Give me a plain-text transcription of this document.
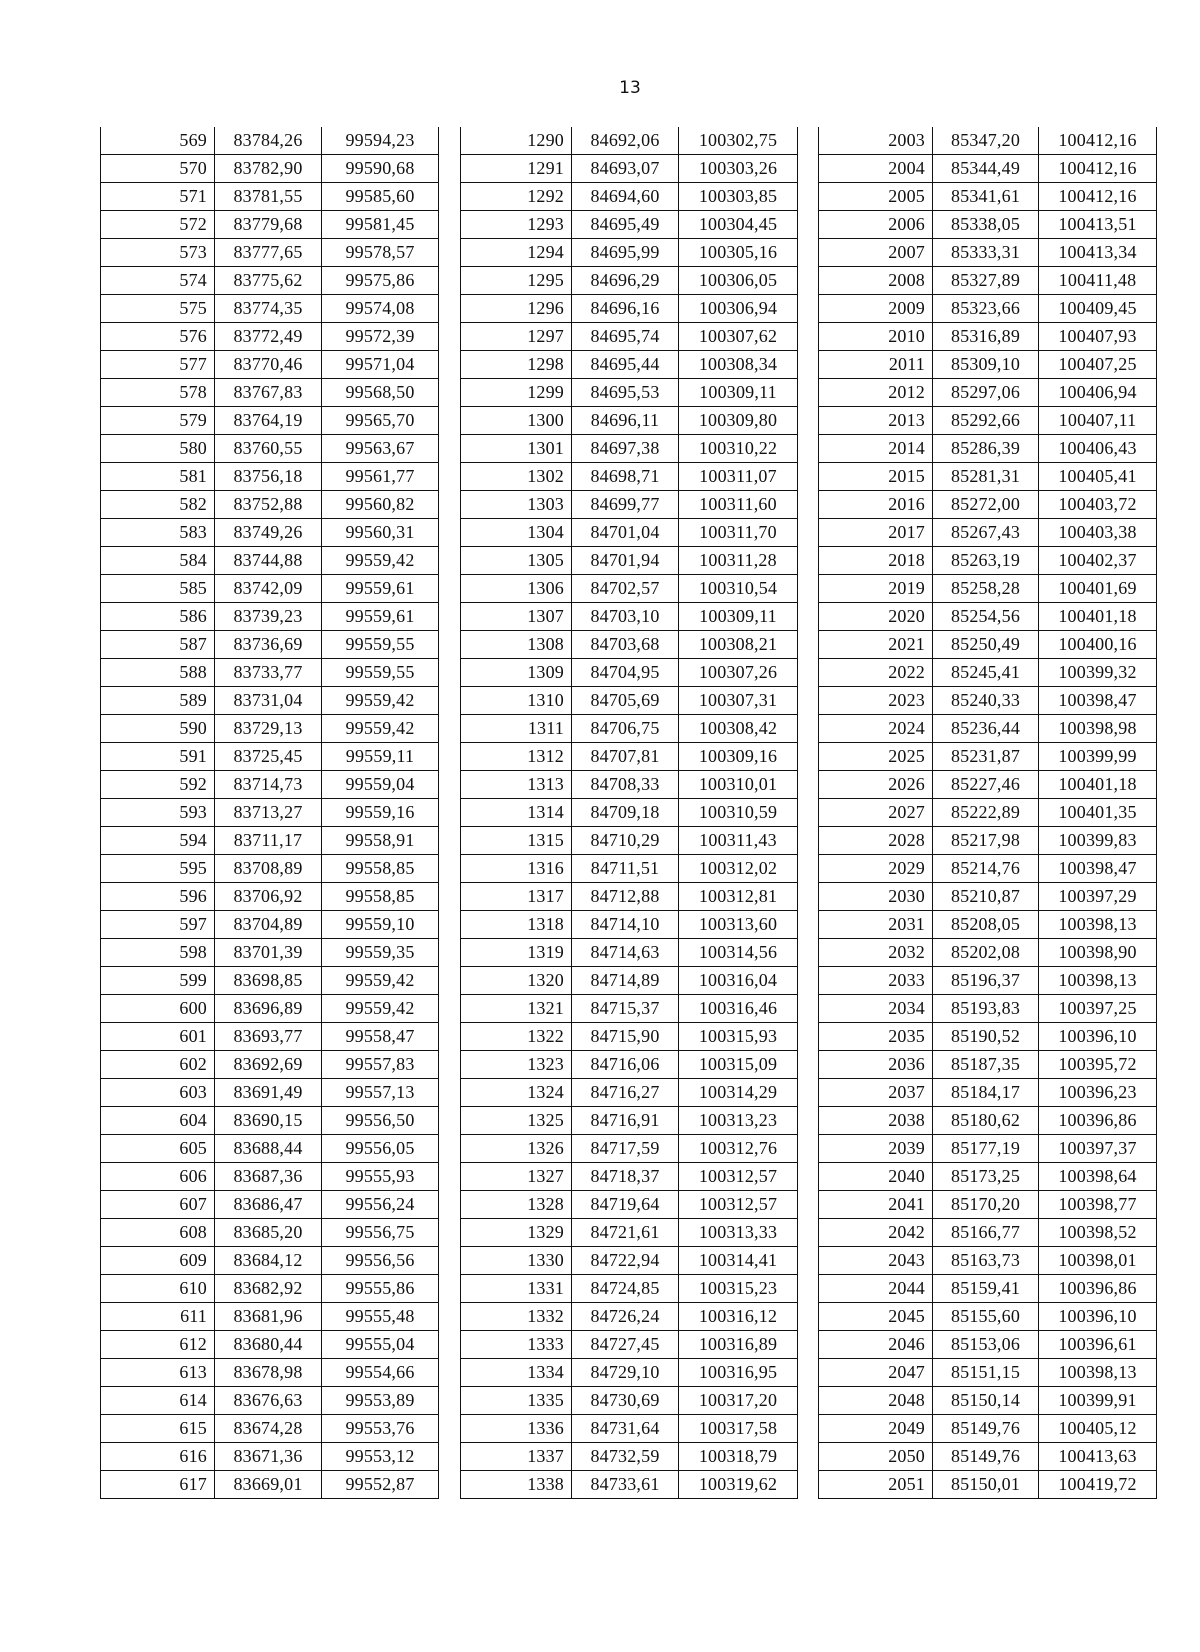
13
569	83784,26	99594,23
570	83782,90	99590,68
571	83781,55	99585,60
572	83779,68	99581,45
573	83777,65	99578,57
574	83775,62	99575,86
575	83774,35	99574,08
576	83772,49	99572,39
577	83770,46	99571,04
578	83767,83	99568,50
579	83764,19	99565,70
580	83760,55	99563,67
581	83756,18	99561,77
582	83752,88	99560,82
583	83749,26	99560,31
584	83744,88	99559,42
585	83742,09	99559,61
586	83739,23	99559,61
587	83736,69	99559,55
588	83733,77	99559,55
589	83731,04	99559,42
590	83729,13	99559,42
591	83725,45	99559,11
592	83714,73	99559,04
593	83713,27	99559,16
594	83711,17	99558,91
595	83708,89	99558,85
596	83706,92	99558,85
597	83704,89	99559,10
598	83701,39	99559,35
599	83698,85	99559,42
600	83696,89	99559,42
601	83693,77	99558,47
602	83692,69	99557,83
603	83691,49	99557,13
604	83690,15	99556,50
605	83688,44	99556,05
606	83687,36	99555,93
607	83686,47	99556,24
608	83685,20	99556,75
609	83684,12	99556,56
610	83682,92	99555,86
611	83681,96	99555,48
612	83680,44	99555,04
613	83678,98	99554,66
614	83676,63	99553,89
615	83674,28	99553,76
616	83671,36	99553,12
617	83669,01	99552,87
1290	84692,06	100302,75
1291	84693,07	100303,26
1292	84694,60	100303,85
1293	84695,49	100304,45
1294	84695,99	100305,16
1295	84696,29	100306,05
1296	84696,16	100306,94
1297	84695,74	100307,62
1298	84695,44	100308,34
1299	84695,53	100309,11
1300	84696,11	100309,80
1301	84697,38	100310,22
1302	84698,71	100311,07
1303	84699,77	100311,60
1304	84701,04	100311,70
1305	84701,94	100311,28
1306	84702,57	100310,54
1307	84703,10	100309,11
1308	84703,68	100308,21
1309	84704,95	100307,26
1310	84705,69	100307,31
1311	84706,75	100308,42
1312	84707,81	100309,16
1313	84708,33	100310,01
1314	84709,18	100310,59
1315	84710,29	100311,43
1316	84711,51	100312,02
1317	84712,88	100312,81
1318	84714,10	100313,60
1319	84714,63	100314,56
1320	84714,89	100316,04
1321	84715,37	100316,46
1322	84715,90	100315,93
1323	84716,06	100315,09
1324	84716,27	100314,29
1325	84716,91	100313,23
1326	84717,59	100312,76
1327	84718,37	100312,57
1328	84719,64	100312,57
1329	84721,61	100313,33
1330	84722,94	100314,41
1331	84724,85	100315,23
1332	84726,24	100316,12
1333	84727,45	100316,89
1334	84729,10	100316,95
1335	84730,69	100317,20
1336	84731,64	100317,58
1337	84732,59	100318,79
1338	84733,61	100319,62
2003	85347,20	100412,16
2004	85344,49	100412,16
2005	85341,61	100412,16
2006	85338,05	100413,51
2007	85333,31	100413,34
2008	85327,89	100411,48
2009	85323,66	100409,45
2010	85316,89	100407,93
2011	85309,10	100407,25
2012	85297,06	100406,94
2013	85292,66	100407,11
2014	85286,39	100406,43
2015	85281,31	100405,41
2016	85272,00	100403,72
2017	85267,43	100403,38
2018	85263,19	100402,37
2019	85258,28	100401,69
2020	85254,56	100401,18
2021	85250,49	100400,16
2022	85245,41	100399,32
2023	85240,33	100398,47
2024	85236,44	100398,98
2025	85231,87	100399,99
2026	85227,46	100401,18
2027	85222,89	100401,35
2028	85217,98	100399,83
2029	85214,76	100398,47
2030	85210,87	100397,29
2031	85208,05	100398,13
2032	85202,08	100398,90
2033	85196,37	100398,13
2034	85193,83	100397,25
2035	85190,52	100396,10
2036	85187,35	100395,72
2037	85184,17	100396,23
2038	85180,62	100396,86
2039	85177,19	100397,37
2040	85173,25	100398,64
2041	85170,20	100398,77
2042	85166,77	100398,52
2043	85163,73	100398,01
2044	85159,41	100396,86
2045	85155,60	100396,10
2046	85153,06	100396,61
2047	85151,15	100398,13
2048	85150,14	100399,91
2049	85149,76	100405,12
2050	85149,76	100413,63
2051	85150,01	100419,72
